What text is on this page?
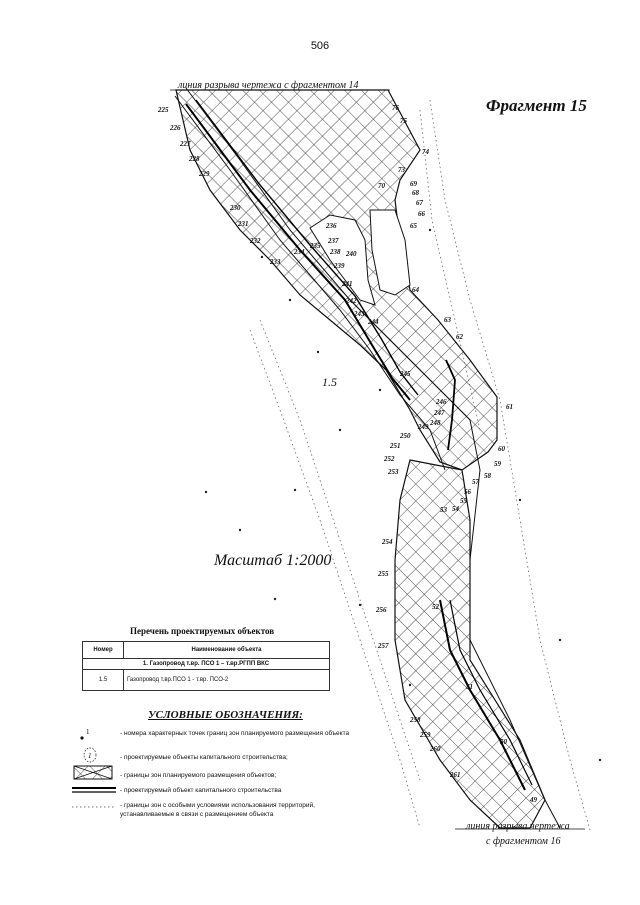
506
225
226
227
228
229
230
231
232
233
234
235
236
237
238
239
240
241
242
243
244
245
246
247
248
249
250
251
252
253
254
255
256
257
258
259
260
261
76
75
74
73
70	69
68
67
66
65
64
63
62
61
60
59
58
57
56
55
54
53
52
51
50
49
линия разрыва чертежа с фрагментом 14
Фрагмент 15
1.5
Масштаб 1:2000
линия разрыва чертежа
с фрагментом 16
Перечень проектируемых объектов
Номер	Наименование объекта
1. Газопровод т.вр. ПСО 1 – т.вр.РГПП ВКС	
1.5	Газопровод т.вр.ПСО 1 - т.вр. ПСО-2
УСЛОВНЫЕ ОБОЗНАЧЕНИЯ:
1
1
- номера характерных точек границ зон планируемого размещения объекта
- проектируемые объекты капитального строительства;
- границы зон планируемого размещения объектов;
- проектируемый объект капитального строительства
- границы зон с особыми условиями использования территорий, устанавливаемые в связи с размещением объекта
